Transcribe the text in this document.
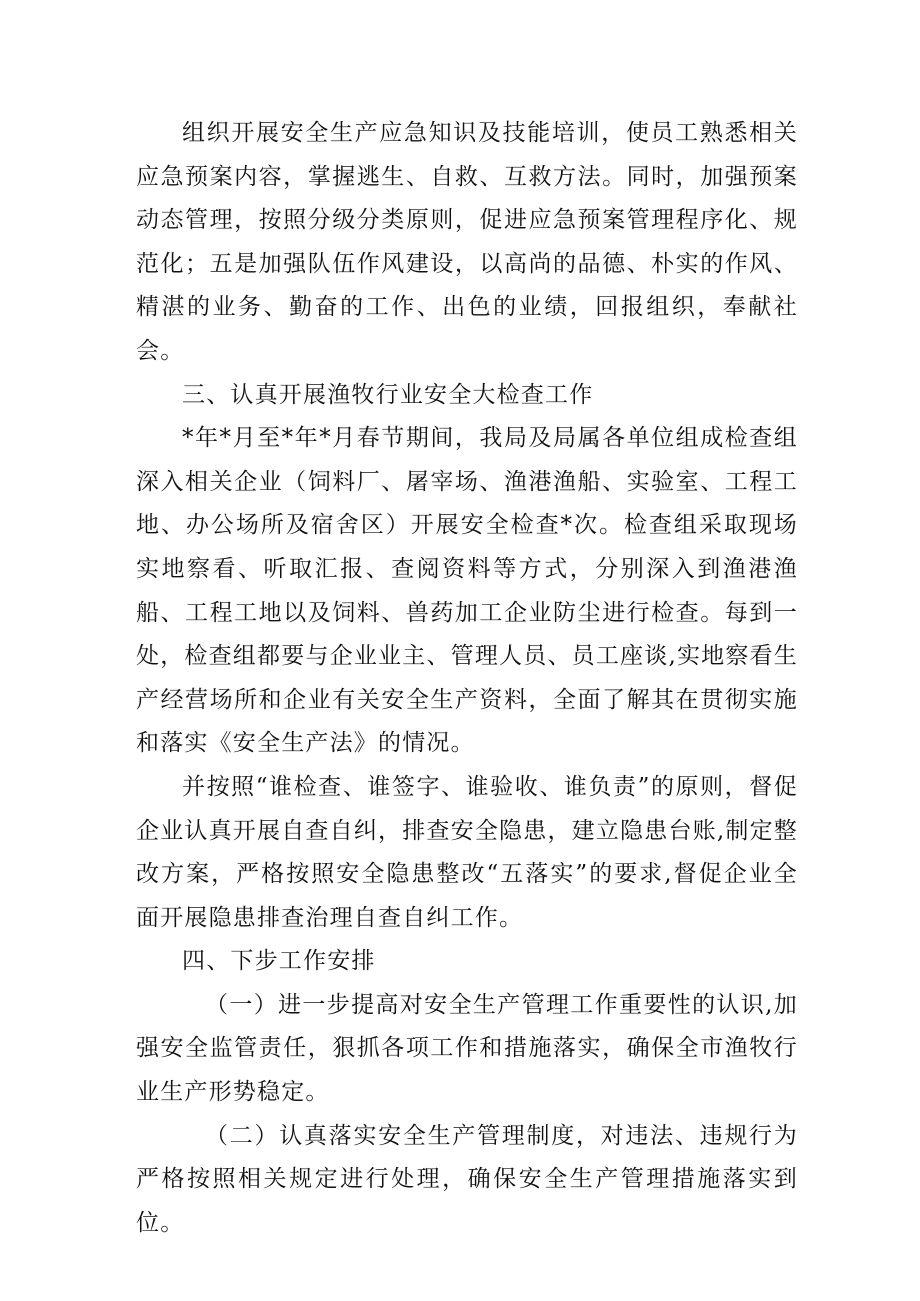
组织开展安全生产应急知识及技能培训，使员工熟悉相关应急预案内容，掌握逃生、自救、互救方法。同时，加强预案动态管理，按照分级分类原则，促进应急预案管理程序化、规范化；五是加强队伍作风建设，以高尚的品德、朴实的作风、精湛的业务、勤奋的工作、出色的业绩，回报组织，奉献社会。

三、认真开展渔牧行业安全大检查工作

*年*月至*年*月春节期间，我局及局属各单位组成检查组深入相关企业（饲料厂、屠宰场、渔港渔船、实验室、工程工地、办公场所及宿舍区）开展安全检查*次。检查组采取现场实地察看、听取汇报、查阅资料等方式，分别深入到渔港渔船、工程工地以及饲料、兽药加工企业防尘进行检查。每到一处，检查组都要与企业业主、管理人员、员工座谈,实地察看生产经营场所和企业有关安全生产资料，全面了解其在贯彻实施和落实《安全生产法》的情况。

并按照“谁检查、谁签字、谁验收、谁负责”的原则，督促企业认真开展自查自纠，排查安全隐患，建立隐患台账,制定整改方案，严格按照安全隐患整改“五落实”的要求,督促企业全面开展隐患排查治理自查自纠工作。

四、下步工作安排

（一）进一步提高对安全生产管理工作重要性的认识,加强安全监管责任，狠抓各项工作和措施落实，确保全市渔牧行业生产形势稳定。

（二）认真落实安全生产管理制度，对违法、违规行为严格按照相关规定进行处理，确保安全生产管理措施落实到位。
